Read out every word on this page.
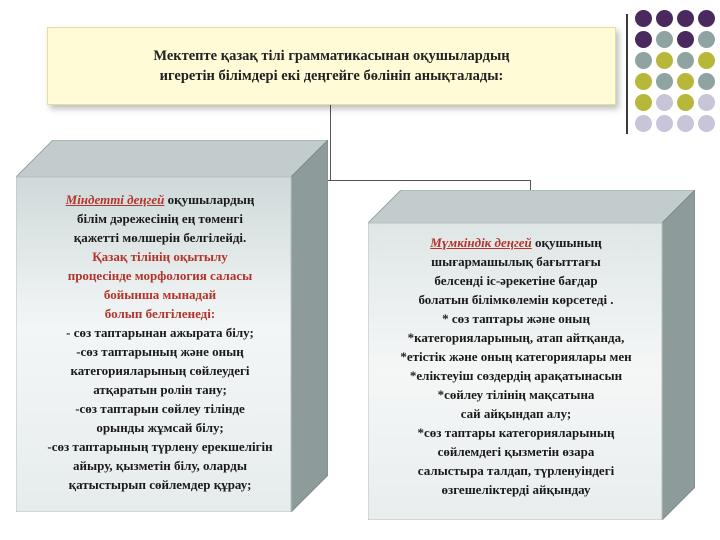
Мектепте қазақ тілі грамматикасынан оқушылардың
игеретін білімдері екі деңгейге бөлініп анықталады:
Міндетті деңгей оқушылардың
білім дәрежесінің ең төменгі
қажетті мөлшерін белгілейді.
Қазақ тілінің оқытылу
процесінде морфология саласы
бойынша мынадай
болып белгіленеді:
- сөз таптарынан ажырата білу;
-сөз таптарының және оның
категорияларының сөйлеудегі
атқаратын ролін тану;
-сөз таптарын сөйлеу тілінде
орынды жұмсай білу;
-сөз таптарының түрлену ерекшелігін
айыру, қызметін білу, оларды
қатыстырып сөйлемдер құрау;
Мүмкіндік деңгей оқушының
шығармашылық бағыттағы
белсенді іс-әрекетіне бағдар
болатын білімкөлемін көрсетеді .
* сөз таптары және оның
*категорияларының, атап айтқанда,
*етістік және оның категориялары мен
*еліктеуіш сөздердің арақатынасын
*сөйлеу тілінің мақсатына
сай айқындап алу;
*сөз таптары категорияларының
сөйлемдегі қызметін өзара
салыстыра талдап, түрленуіндегі
өзгешеліктерді айқындау
